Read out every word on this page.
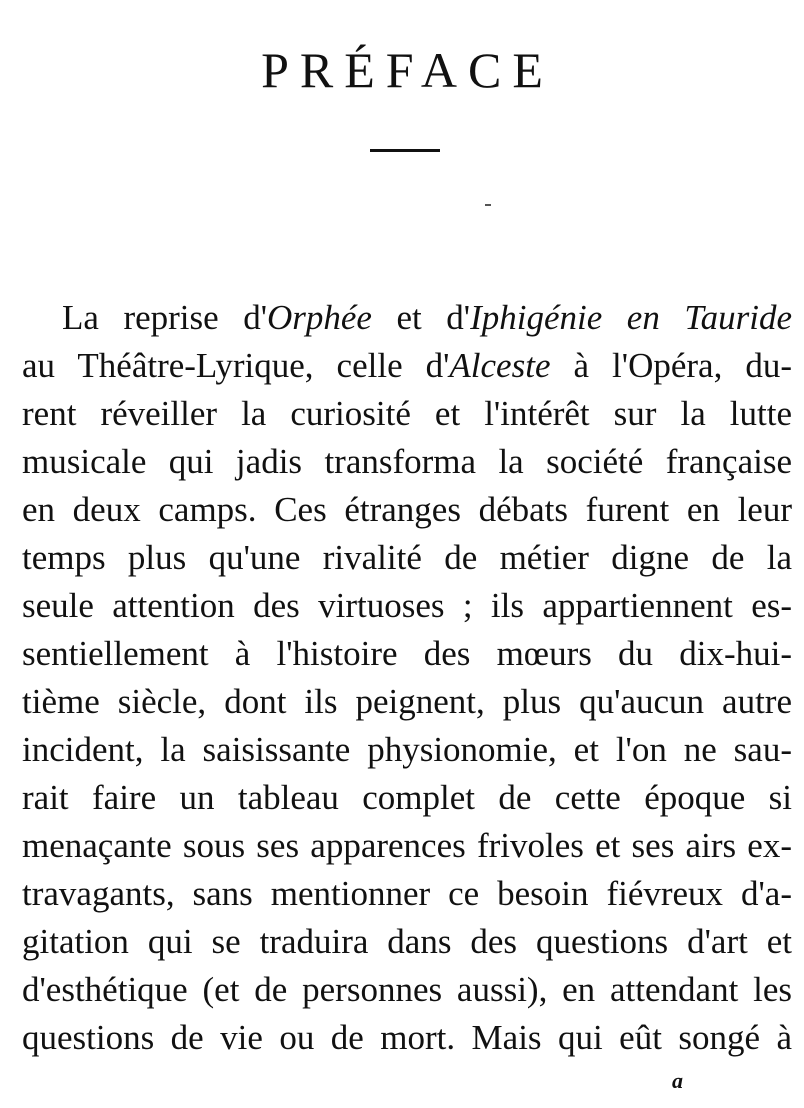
PRÉFACE
La reprise d'Orphée et d'Iphigénie en Tauride
au Théâtre-Lyrique, celle d'Alceste à l'Opéra, du-
rent réveiller la curiosité et l'intérêt sur la lutte
musicale qui jadis transforma la société française
en deux camps. Ces étranges débats furent en leur
temps plus qu'une rivalité de métier digne de la
seule attention des virtuoses ; ils appartiennent es-
sentiellement à l'histoire des mœurs du dix-hui-
tième siècle, dont ils peignent, plus qu'aucun autre
incident, la saisissante physionomie, et l'on ne sau-
rait faire un tableau complet de cette époque si
menaçante sous ses apparences frivoles et ses airs ex-
travagants, sans mentionner ce besoin fiévreux d'a-
gitation qui se traduira dans des questions d'art et
d'esthétique (et de personnes aussi), en attendant les
questions de vie ou de mort. Mais qui eût songé à
a
